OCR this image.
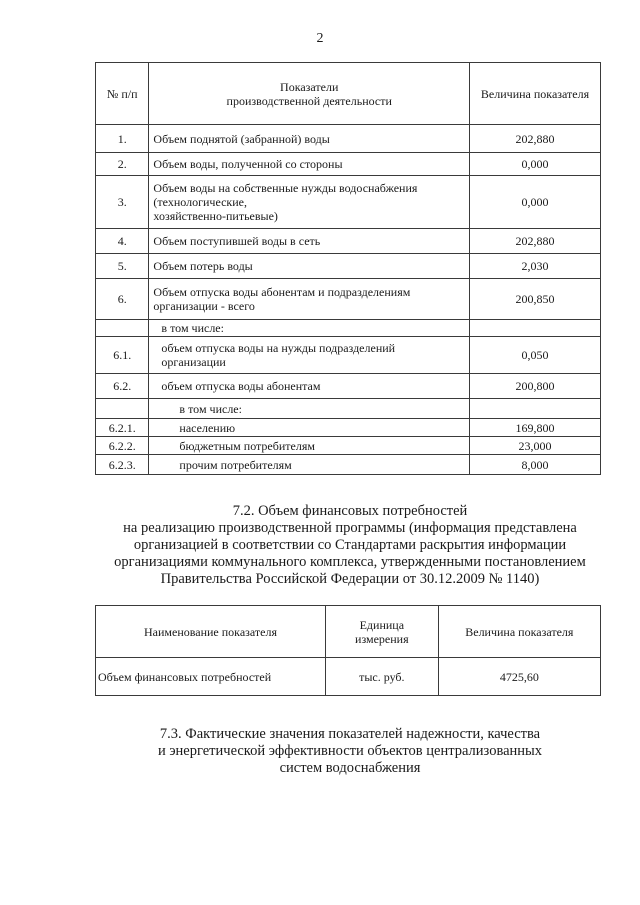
2
№ п/п	Показатели
производственной деятельности	Величина показателя
1.	Объем поднятой (забранной) воды	202,880
2.	Объем воды, полученной со стороны	0,000
3.	Объем воды на собственные нужды водоснабжения
(технологические,
хозяйственно-питьевые)	0,000
4.	Объем поступившей воды в сеть	202,880
5.	Объем потерь воды	2,030
6.	Объем отпуска воды абонентам и подразделениям
организации - всего	200,850
	в том числе:	
6.1.	объем отпуска воды на нужды подразделений
организации	0,050
6.2.	объем отпуска воды абонентам	200,800
	в том числе:	
6.2.1.	населению	169,800
6.2.2.	бюджетным потребителям	23,000
6.2.3.	прочим потребителям	8,000
7.2. Объем финансовых потребностей
на реализацию производственной программы (информация представлена
организацией в соответствии со Стандартами раскрытия информации
организациями коммунального комплекса, утвержденными постановлением
Правительства Российской Федерации от 30.12.2009 № 1140)
Наименование показателя	Единица
измерения	Величина показателя
Объем финансовых потребностей	тыс. руб.	4725,60
7.3. Фактические значения показателей надежности, качества
и энергетической эффективности объектов централизованных
систем водоснабжения
